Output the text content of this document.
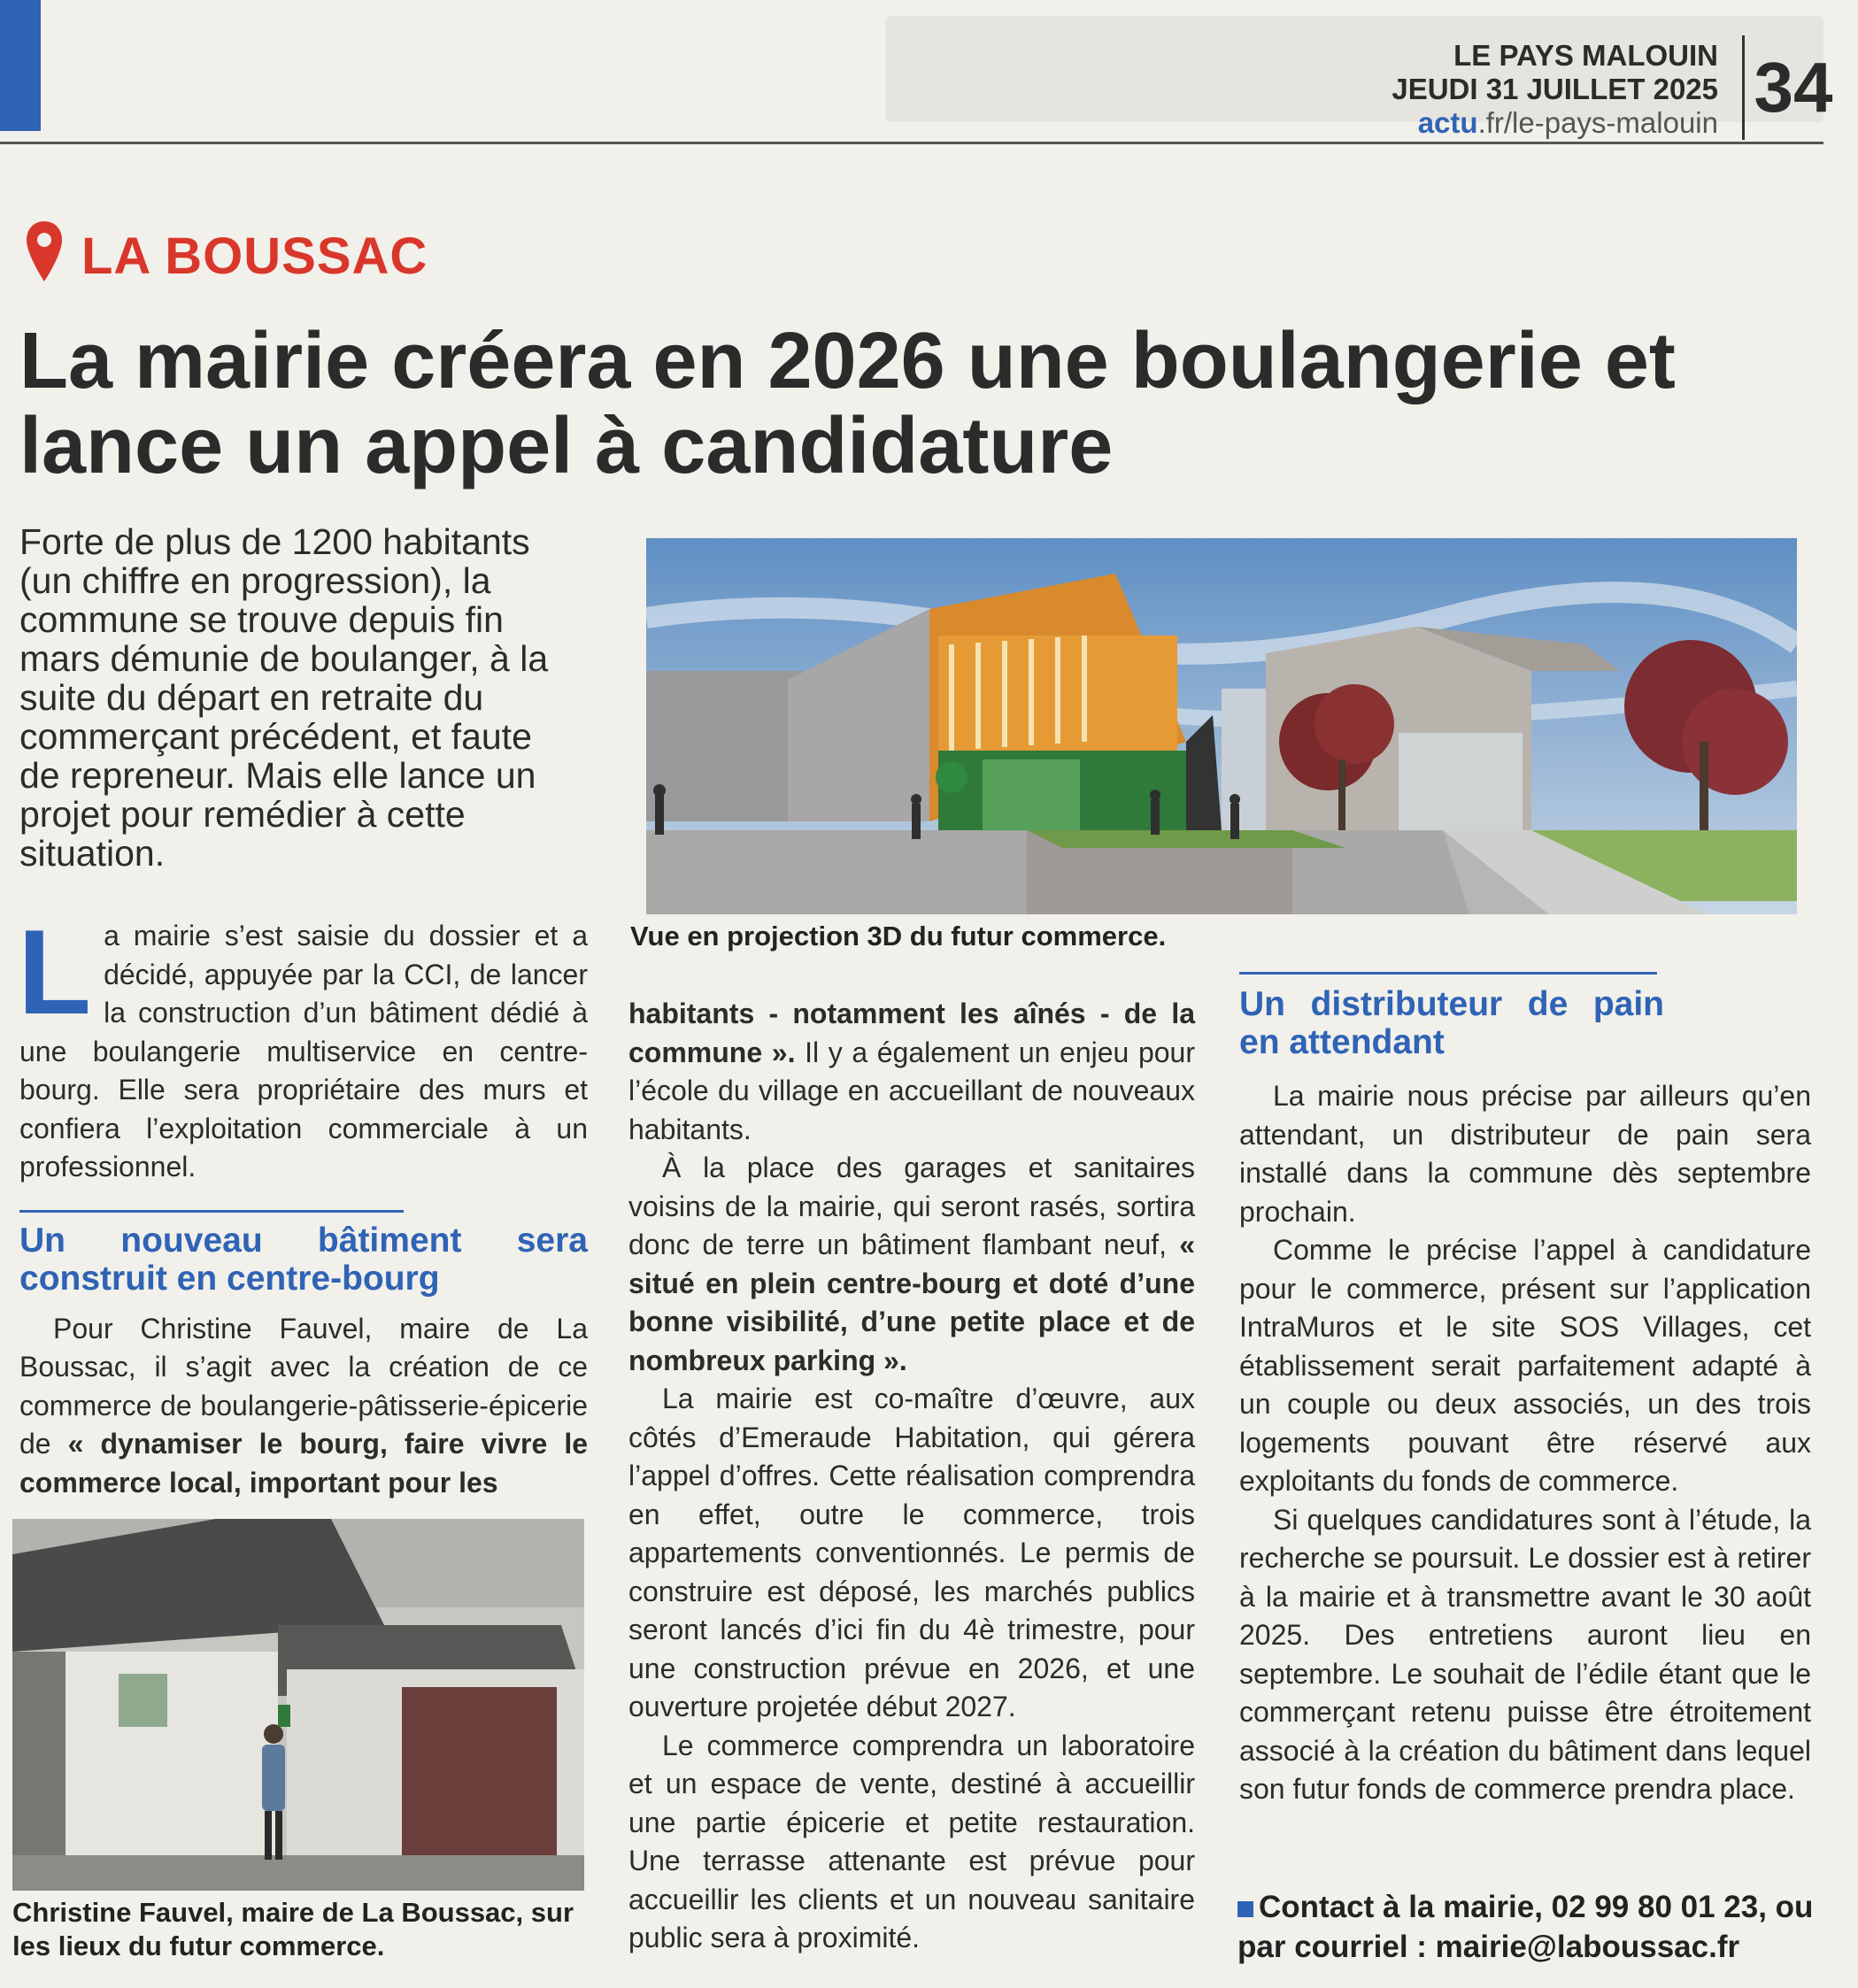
LE PAYS MALOUIN
JEUDI 31 JUILLET 2025
actu.fr/le-pays-malouin 34
LA BOUSSAC
La mairie créera en 2026 une boulangerie et lance un appel à candidature
Forte de plus de 1200 habitants (un chiffre en progression), la commune se trouve depuis fin mars démunie de boulanger, à la suite du départ en retraite du commerçant précédent, et faute de repreneur. Mais elle lance un projet pour remédier à cette situation.
Vue en projection 3D du futur commerce.
L a mairie s’est saisie du dossier et a décidé, appuyée par la CCI, de lancer la construction d’un bâtiment dédié à une boulangerie multiservice en centre-bourg. Elle sera propriétaire des murs et confiera l’exploitation commerciale à un professionnel.

Un nouveau bâtiment sera construit en centre-bourg

Pour Christine Fauvel, maire de La Boussac, il s’agit avec la création de ce commerce de boulangerie-pâtisserie-épicerie de « dynamiser le bourg, faire vivre le commerce local, important pour les

Christine Fauvel, maire de La Boussac, sur les lieux du futur commerce.

habitants - notamment les aînés - de la commune ». Il y a également un enjeu pour l’école du village en accueillant de nouveaux habitants.

À la place des garages et sanitaires voisins de la mairie, qui seront rasés, sortira donc de terre un bâtiment flambant neuf, « situé en plein centre-bourg et doté d’une bonne visibilité, d’une petite place et de nombreux parking ».

La mairie est co-maître d’œuvre, aux côtés d’Emeraude Habitation, qui gérera l’appel d’offres. Cette réalisation comprendra en effet, outre le commerce, trois appartements conventionnés. Le permis de construire est déposé, les marchés publics seront lancés d’ici fin du 4è trimestre, pour une construction prévue en 2026, et une ouverture projetée début 2027.

Le commerce comprendra un laboratoire et un espace de vente, destiné à accueillir une partie épicerie et petite restauration. Une terrasse attenante est prévue pour accueillir les clients et un nouveau sanitaire public sera à proximité.

Un distributeur de pain en attendant

La mairie nous précise par ailleurs qu’en attendant, un distributeur de pain sera installé dans la commune dès septembre prochain.

Comme le précise l’appel à candidature pour le commerce, présent sur l’application IntraMuros et le site SOS Villages, cet établissement serait parfaitement adapté à un couple ou deux associés, un des trois logements pouvant être réservé aux exploitants du fonds de commerce.

Si quelques candidatures sont à l’étude, la recherche se poursuit. Le dossier est à retirer à la mairie et à transmettre avant le 30 août 2025. Des entretiens auront lieu en septembre. Le souhait de l’édile étant que le commerçant retenu puisse être étroitement associé à la création du bâtiment dans lequel son futur fonds de commerce prendra place.

Contact à la mairie, 02 99 80 01 23, ou par courriel : mairie@laboussac.fr
